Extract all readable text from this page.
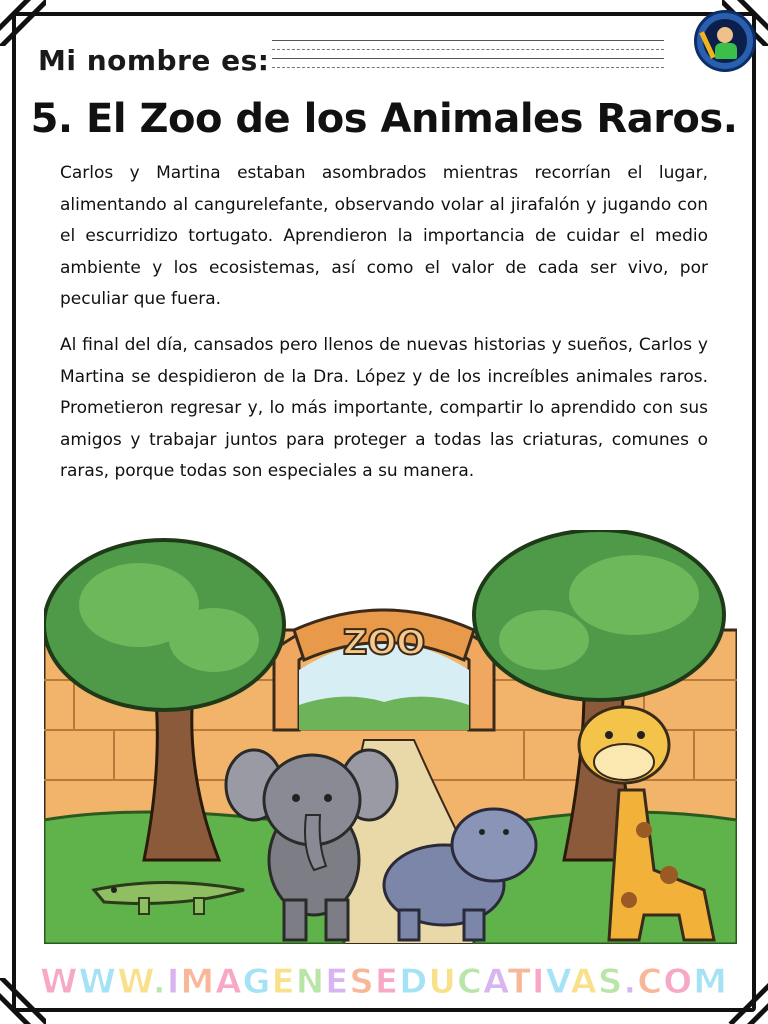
Mi nombre es:
5. El Zoo de los Animales Raros.

Carlos y Martina estaban asombrados mientras recorrían el lugar, alimentando al cangurelefante, observando volar al jirafalón y jugando con el escurridizo tortugato. Aprendieron la importancia de cuidar el medio ambiente y los ecosistemas, así como el valor de cada ser vivo, por peculiar que fuera.

Al final del día, cansados pero llenos de nuevas historias y sueños, Carlos y Martina se despidieron de la Dra. López y de los increíbles animales raros. Prometieron regresar y, lo más importante, compartir lo aprendido con sus amigos y trabajar juntos para proteger a todas las criaturas, comunes o raras, porque todas son especiales a su manera.

ZOO
WWW.IMAGENESEDUCATIVAS.COM
